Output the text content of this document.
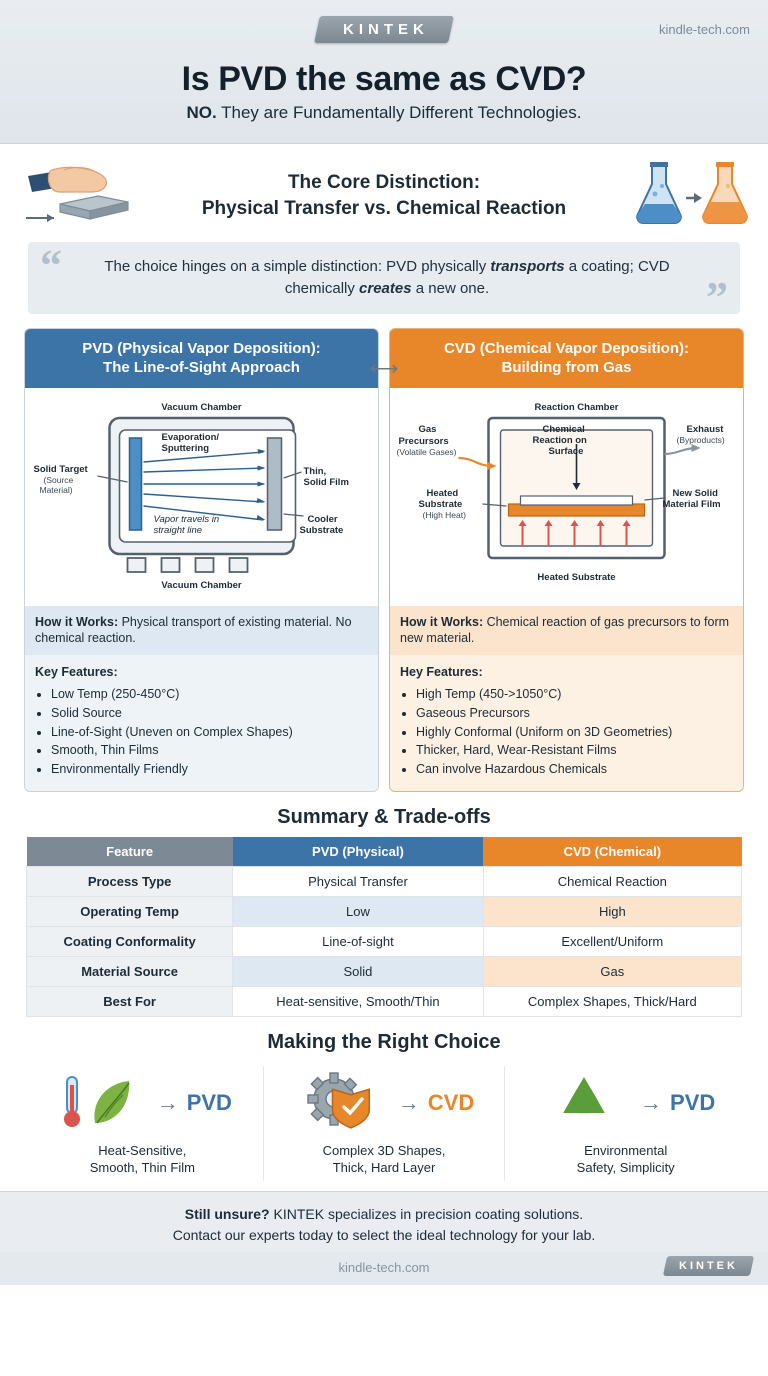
KINTEK	kindle-tech.com
Is PVD the same as CVD?
NO. They are Fundamentally Different Technologies.
The Core Distinction:
Physical Transfer vs. Chemical Reaction
“	The choice hinges on a simple distinction: PVD physically transports a coating; CVD chemically creates a new one.	”
⟷
PVD (Physical Vapor Deposition):
The Line-of-Sight Approach
Vacuum Chamber
Vacuum Chamber
Evaporation/
Sputtering
Vapor travels in
straight line
Solid Target
(Source
Material)
Thin,
Solid Film
Cooler
Substrate
How it Works: Physical transport of existing material. No chemical reaction.
Key Features:
• Low Temp (250-450°C)
• Solid Source
• Line-of-Sight (Uneven on Complex Shapes)
• Smooth, Thin Films
• Environmentally Friendly
CVD (Chemical Vapor Deposition):
Building from Gas
Reaction Chamber
Heated Substrate
Gas
Precursors
(Volatile Gases)
Chemical
Reaction on
Surface
Exhaust
(Byproducts)
Heated
Substrate
(High Heat)
New Solid
Material Film
How it Works: Chemical reaction of gas precursors to form new material.
Hey Features:
• High Temp (450->1050°C)
• Gaseous Precursors
• Highly Conformal (Uniform on 3D Geometries)
• Thicker, Hard, Wear-Resistant Films
• Can involve Hazardous Chemicals
Summary & Trade-offs
Feature	PVD (Physical)	CVD (Chemical)
Process Type	Physical Transfer	Chemical Reaction
Operating Temp	Low	High
Coating Conformality	Line-of-sight	Excellent/Uniform
Material Source	Solid	Gas
Best For	Heat-sensitive, Smooth/Thin	Complex Shapes, Thick/Hard
Making the Right Choice
→ PVD
Heat-Sensitive,
Smooth, Thin Film
→ CVD
Complex 3D Shapes,
Thick, Hard Layer
→ PVD
Environmental
Safety, Simplicity
Still unsure? KINTEK specializes in precision coating solutions.
Contact our experts today to select the ideal technology for your lab.
kindle-tech.com	KINTEK
